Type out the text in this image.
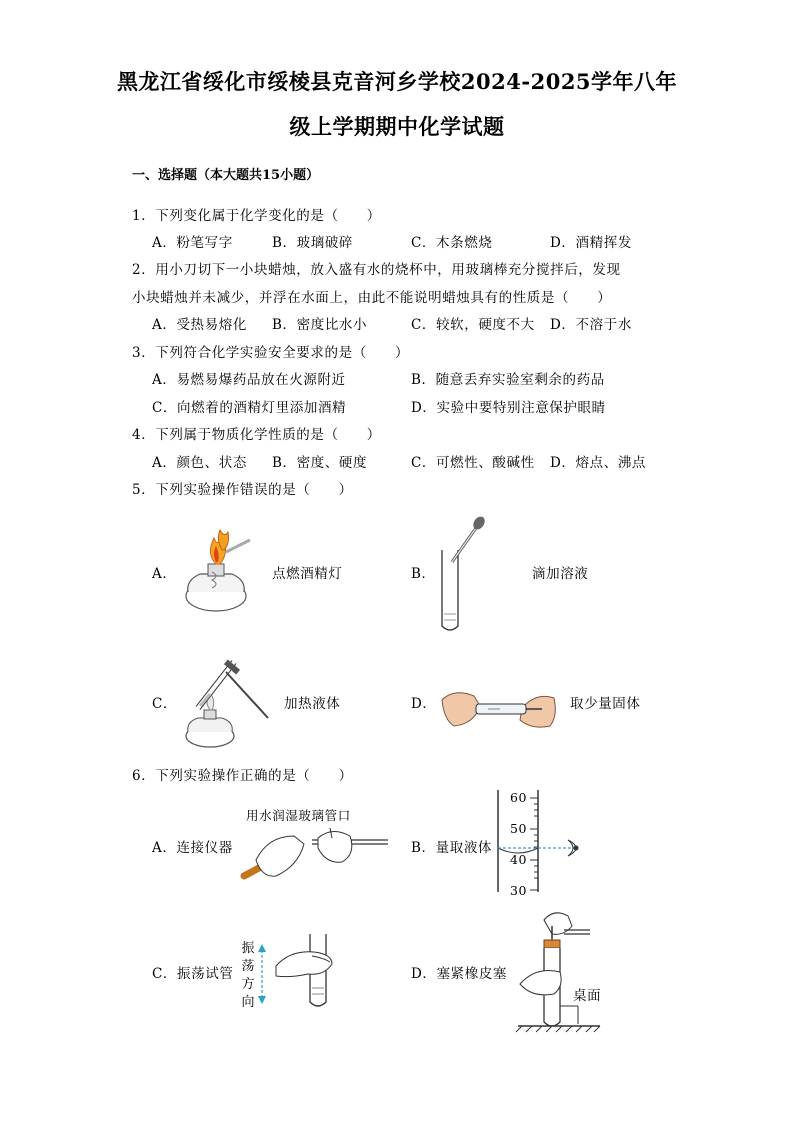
黑龙江省绥化市绥棱县克音河乡学校2024-2025学年八年
级上学期期中化学试题
一、选择题（本大题共15小题）
1．下列变化属于化学变化的是（　　）
A．粉笔写字	B．玻璃破碎	C．木条燃烧	D．酒精挥发
2．用小刀切下一小块蜡烛，放入盛有水的烧杯中，用玻璃棒充分搅拌后，发现
小块蜡烛并未减少，并浮在水面上，由此不能说明蜡烛具有的性质是（　　）
A．受热易熔化 B．密度比水小	C．较软，硬度不大 D．不溶于水
3．下列符合化学实验安全要求的是（　　）
A．易燃易爆药品放在火源附近	B．随意丢弃实验室剩余的药品
C．向燃着的酒精灯里添加酒精	D．实验中要特别注意保护眼睛
4．下列属于物质化学性质的是（　　）
A．颜色、状态 B．密度、硬度	C．可燃性、酸碱性 D．熔点、沸点
5．下列实验操作错误的是（　　）
A．	点燃酒精灯	B．	滴加溶液
C．	加热液体	D．	取少量固体
6．下列实验操作正确的是（　　）
A．连接仪器
用水润湿玻璃管口
B．量取液体
60
50
40
30
C．振荡试管
振
荡
方
向
D．塞紧橡皮塞
桌面
